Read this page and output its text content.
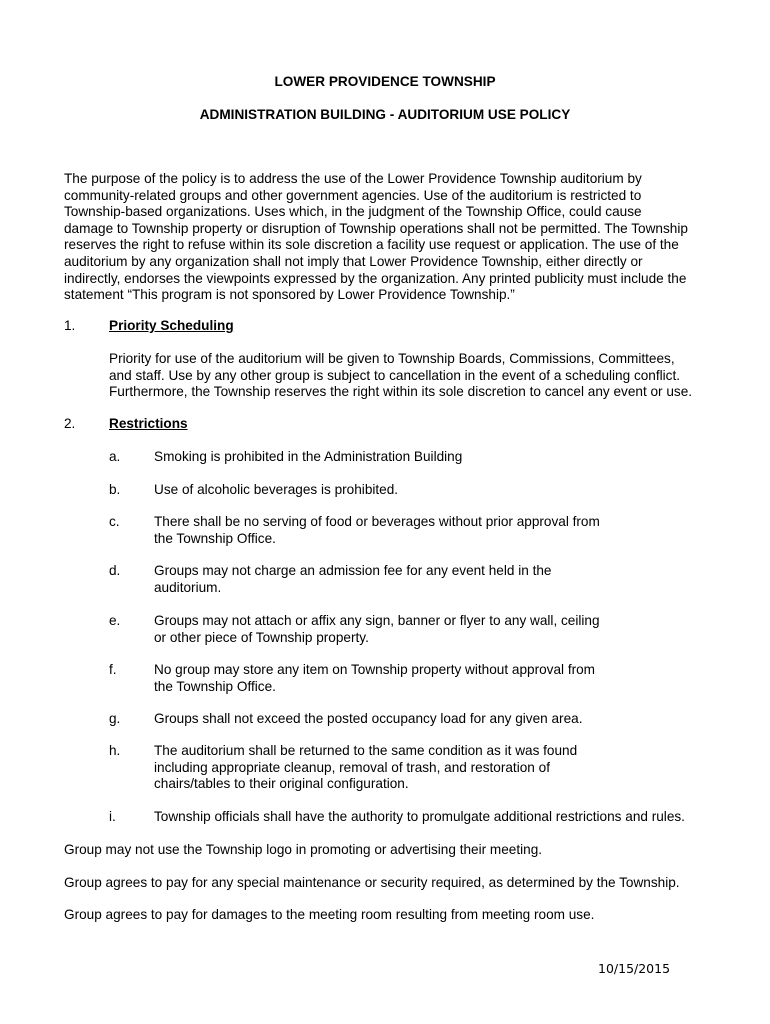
LOWER PROVIDENCE TOWNSHIP
ADMINISTRATION BUILDING - AUDITORIUM USE POLICY
The purpose of the policy is to address the use of the Lower Providence Township auditorium by
community-related groups and other government agencies. Use of the auditorium is restricted to
Township-based organizations. Uses which, in the judgment of the Township Office, could cause
damage to Township property or disruption of Township operations shall not be permitted. The Township
reserves the right to refuse within its sole discretion a facility use request or application. The use of the
auditorium by any organization shall not imply that Lower Providence Township, either directly or
indirectly, endorses the viewpoints expressed by the organization. Any printed publicity must include the
statement “This program is not sponsored by Lower Providence Township.”
1. Priority Scheduling
Priority for use of the auditorium will be given to Township Boards, Commissions, Committees,
and staff. Use by any other group is subject to cancellation in the event of a scheduling conflict.
Furthermore, the Township reserves the right within its sole discretion to cancel any event or use.
2. Restrictions
a. Smoking is prohibited in the Administration Building
b. Use of alcoholic beverages is prohibited.
c.	There shall be no serving of food or beverages without prior approval from
the Township Office.
d. Groups may not charge an admission fee for any event held in the
auditorium.
e. Groups may not attach or affix any sign, banner or flyer to any wall, ceiling
or other piece of Township property.
f.	No group may store any item on Township property without approval from
the Township Office.
g. Groups shall not exceed the posted occupancy load for any given area.
h. The auditorium shall be returned to the same condition as it was found
including appropriate cleanup, removal of trash, and restoration of
chairs/tables to their original configuration.
i.	Township officials shall have the authority to promulgate additional restrictions and rules.
Group may not use the Township logo in promoting or advertising their meeting.
Group agrees to pay for any special maintenance or security required, as determined by the Township.
Group agrees to pay for damages to the meeting room resulting from meeting room use.
10/15/2015
